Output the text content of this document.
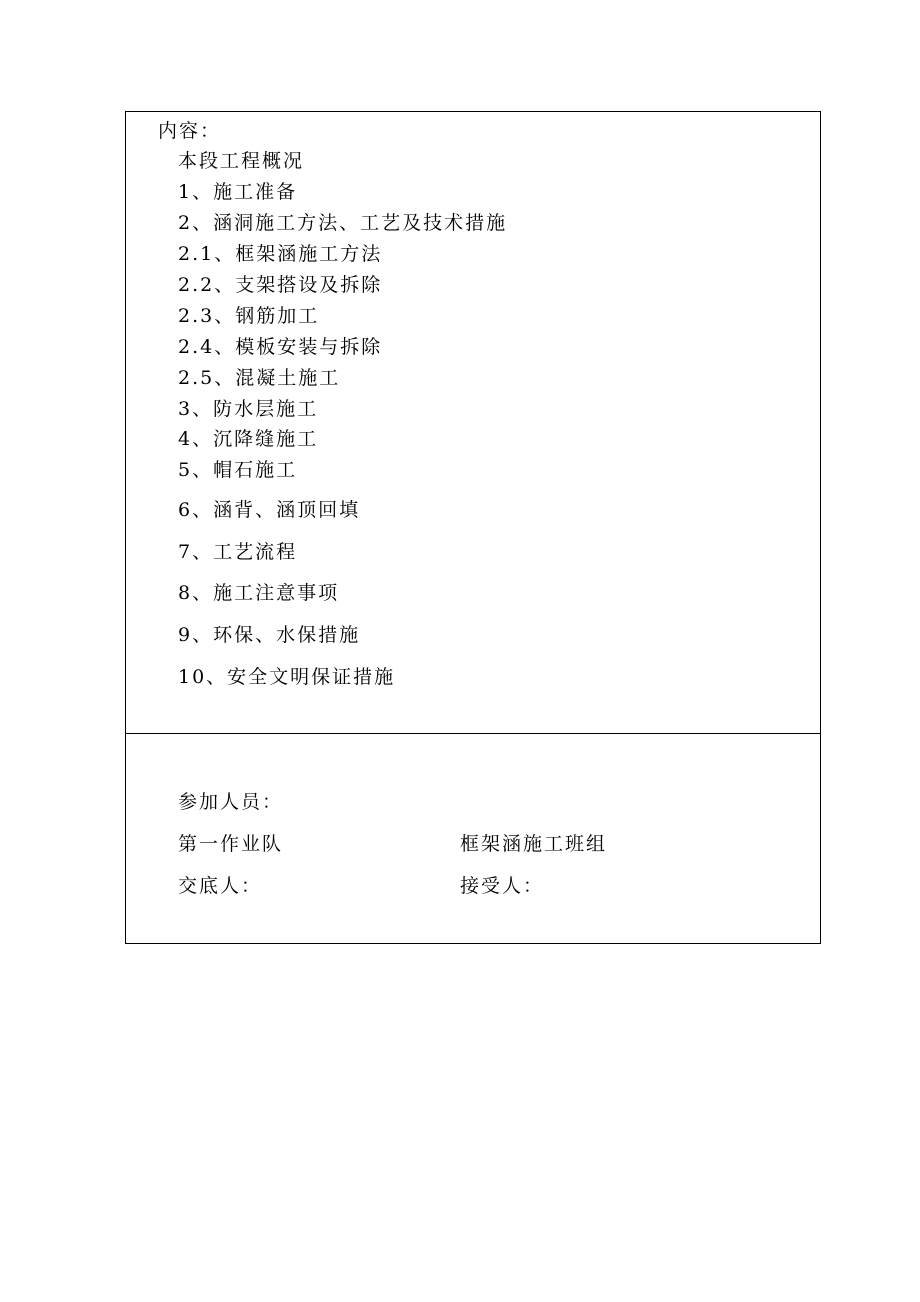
内容：
本段工程概况
1、施工准备
2、涵洞施工方法、工艺及技术措施
2.1、框架涵施工方法
2.2、支架搭设及拆除
2.3、钢筋加工
2.4、模板安装与拆除
2.5、混凝土施工
3、防水层施工
4、沉降缝施工
5、帽石施工
6、涵背、涵顶回填
7、工艺流程
8、施工注意事项
9、环保、水保措施
10、安全文明保证措施
参加人员：
第一作业队	框架涵施工班组
交底人：	接受人：
